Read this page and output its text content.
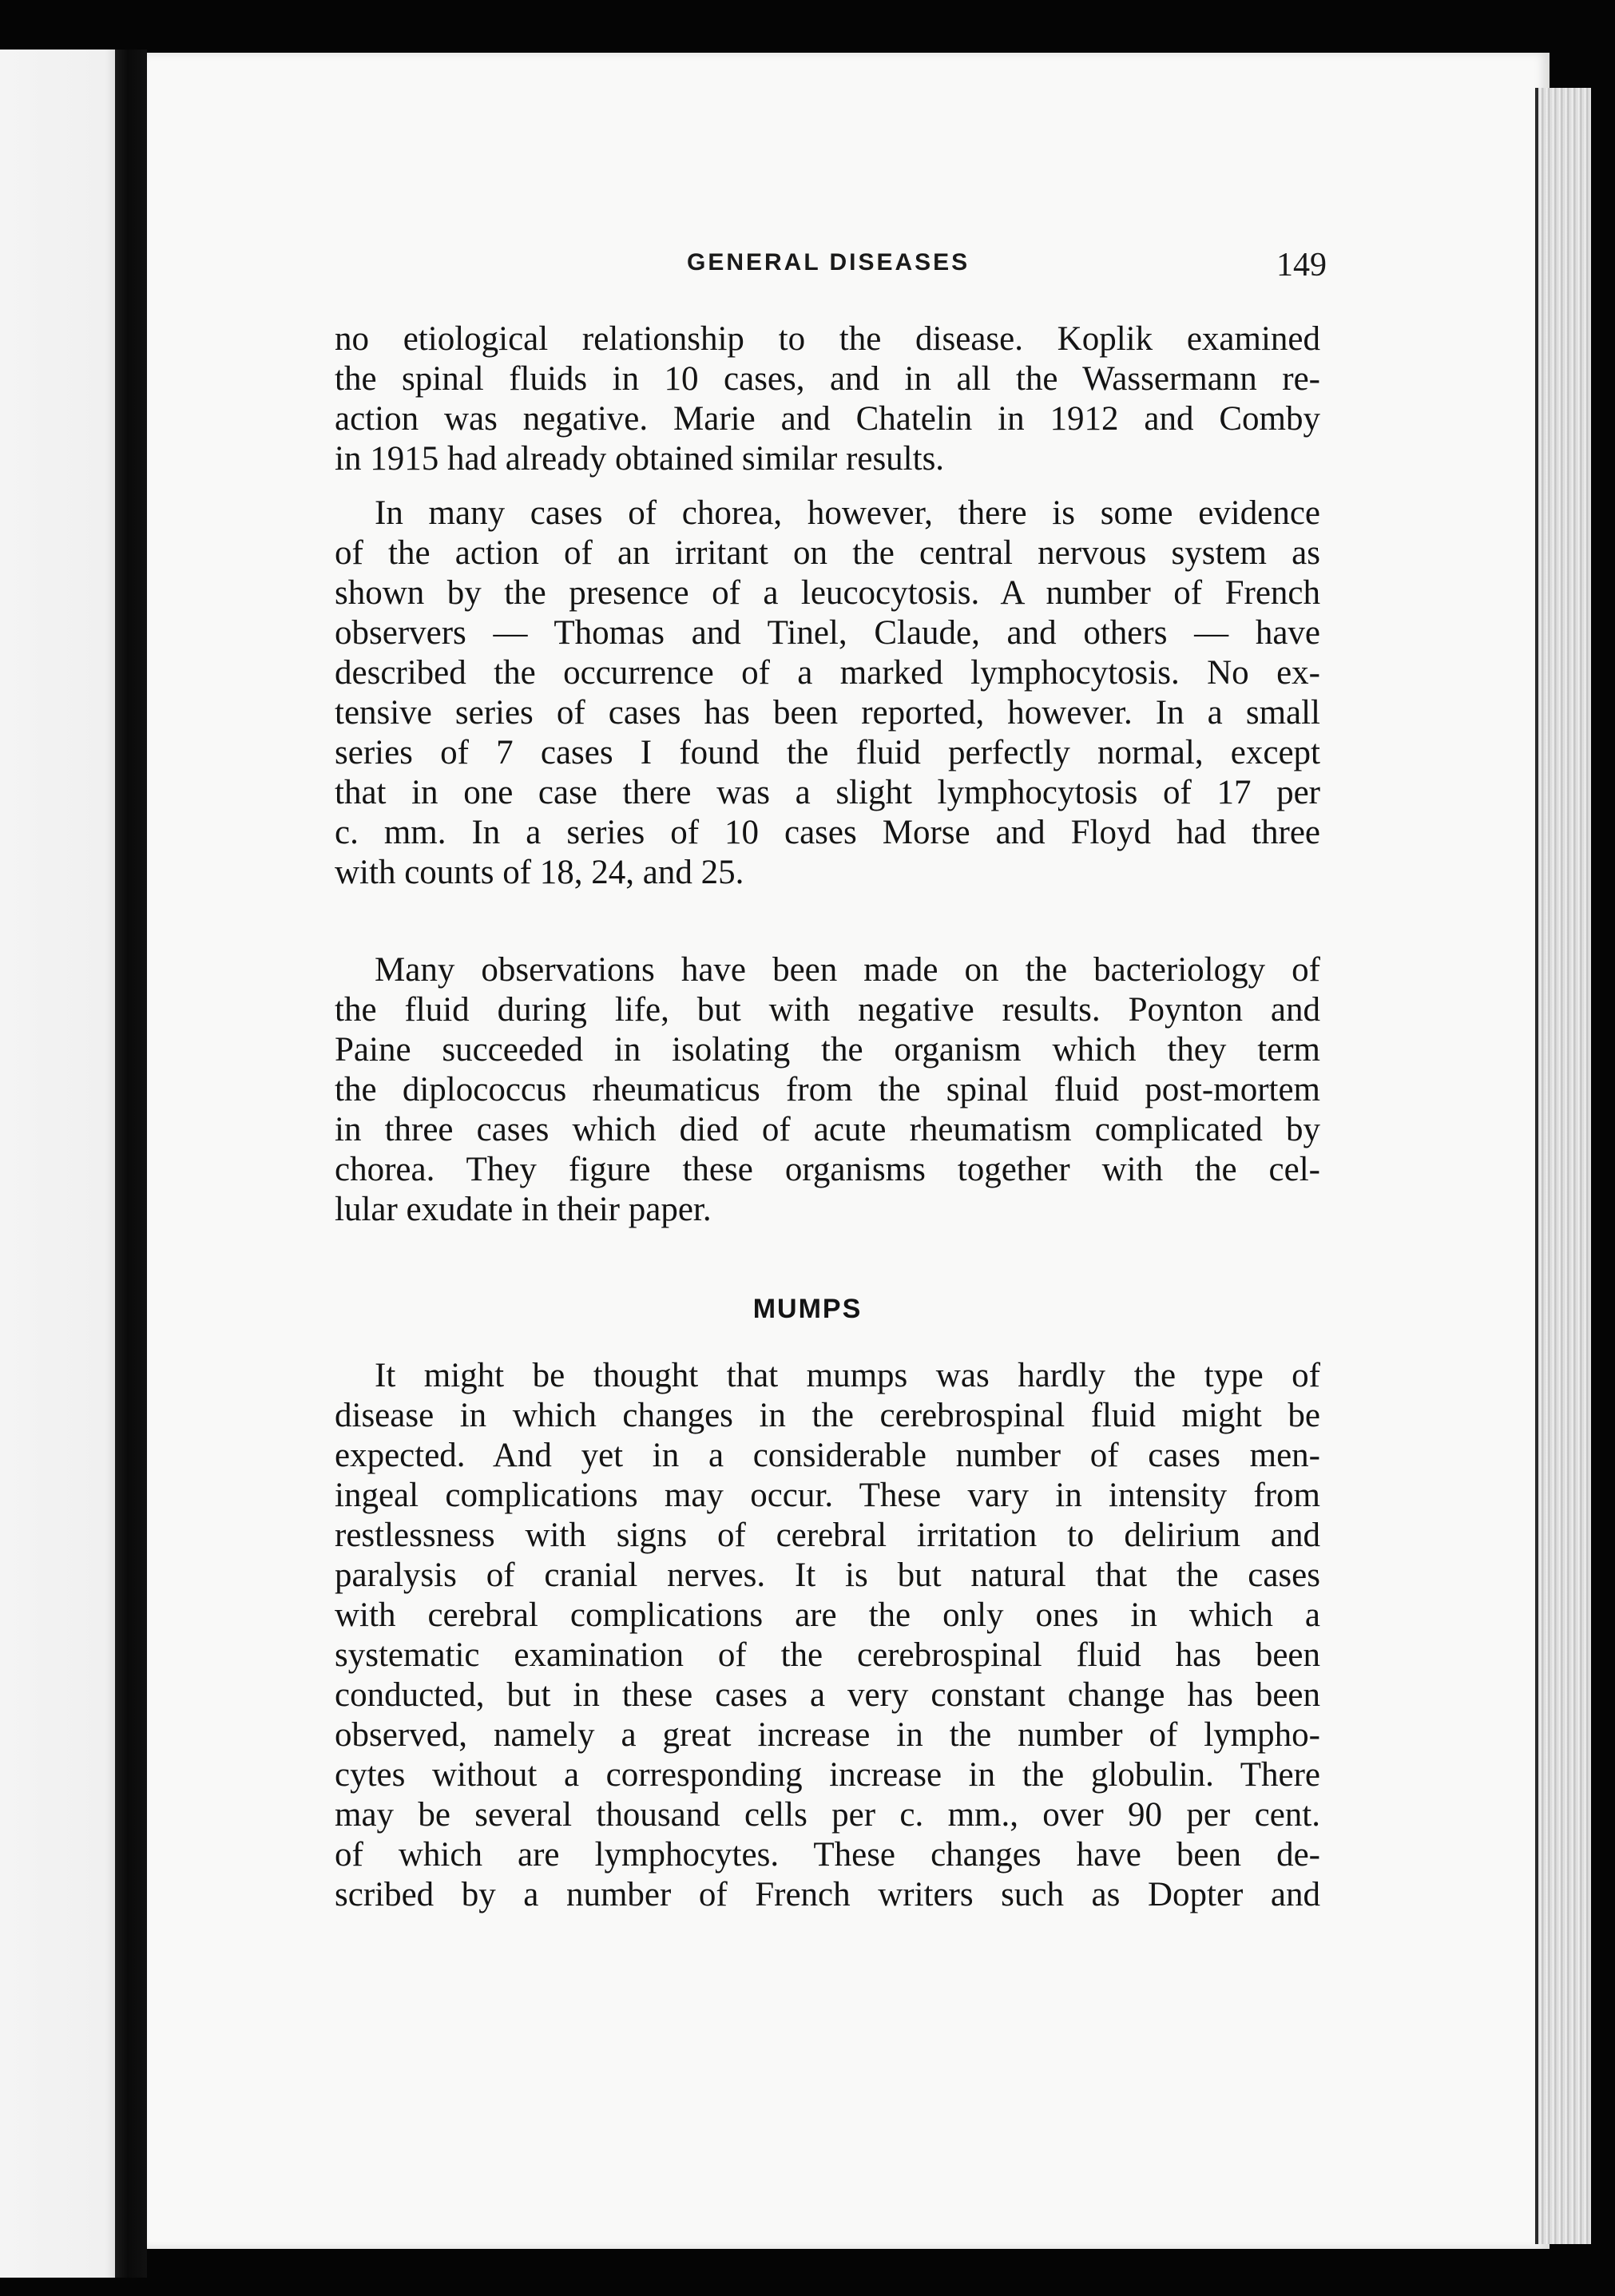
GENERAL DISEASES	149
no etiological relationship to the disease. Koplik examined
the spinal fluids in 10 cases, and in all the Wassermann re-
action was negative. Marie and Chatelin in 1912 and Comby
in 1915 had already obtained similar results.
In many cases of chorea, however, there is some evidence
of the action of an irritant on the central nervous system as
shown by the presence of a leucocytosis. A number of French
observers — Thomas and Tinel, Claude, and others — have
described the occurrence of a marked lymphocytosis. No ex-
tensive series of cases has been reported, however. In a small
series of 7 cases I found the fluid perfectly normal, except
that in one case there was a slight lymphocytosis of 17 per
c. mm. In a series of 10 cases Morse and Floyd had three
with counts of 18, 24, and 25.
Many observations have been made on the bacteriology of
the fluid during life, but with negative results. Poynton and
Paine succeeded in isolating the organism which they term
the diplococcus rheumaticus from the spinal fluid post-mortem
in three cases which died of acute rheumatism complicated by
chorea. They figure these organisms together with the cel-
lular exudate in their paper.
MUMPS
It might be thought that mumps was hardly the type of
disease in which changes in the cerebrospinal fluid might be
expected. And yet in a considerable number of cases men-
ingeal complications may occur. These vary in intensity from
restlessness with signs of cerebral irritation to delirium and
paralysis of cranial nerves. It is but natural that the cases
with cerebral complications are the only ones in which a
systematic examination of the cerebrospinal fluid has been
conducted, but in these cases a very constant change has been
observed, namely a great increase in the number of lympho-
cytes without a corresponding increase in the globulin. There
may be several thousand cells per c. mm., over 90 per cent.
of which are lymphocytes. These changes have been de-
scribed by a number of French writers such as Dopter and
